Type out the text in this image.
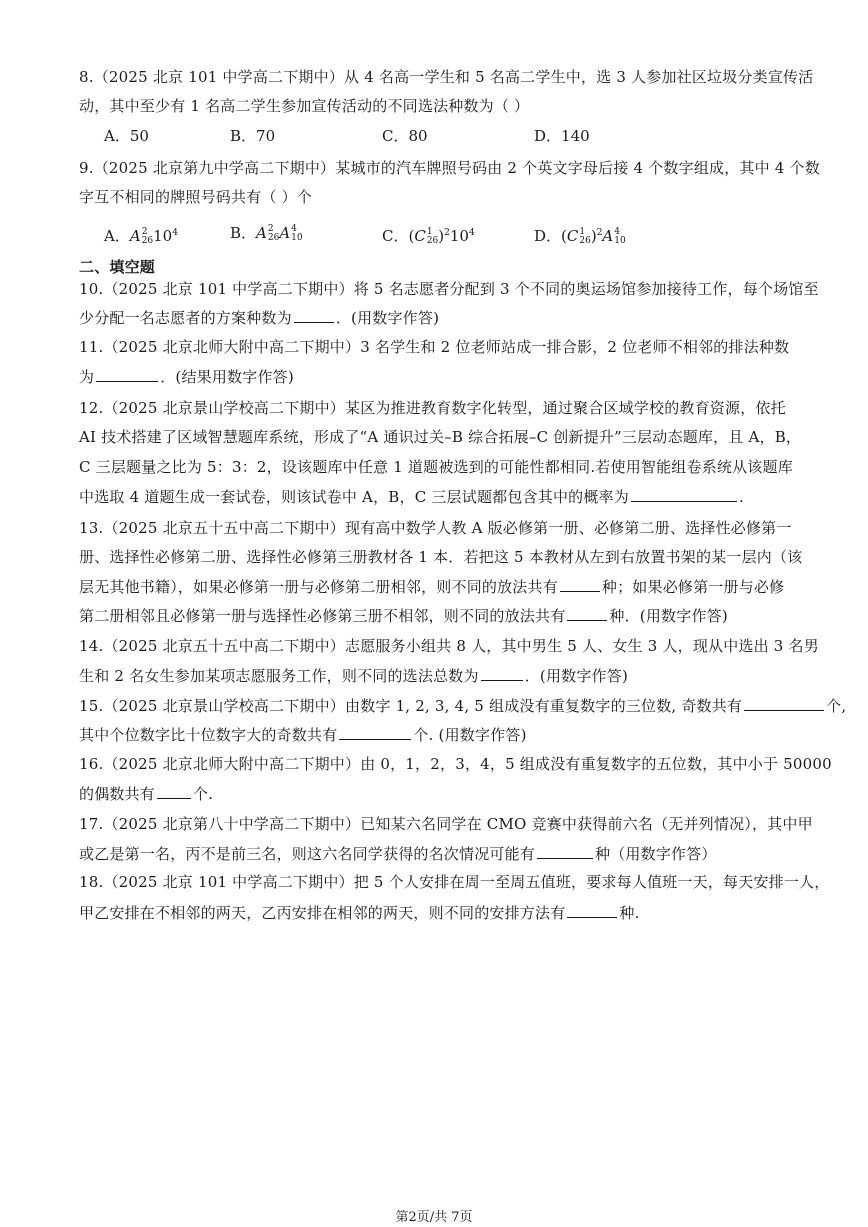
8.（2025 北京 101 中学高二下期中）从 4 名高一学生和 5 名高二学生中，选 3 人参加社区垃圾分类宣传活
动，其中至少有 1 名高二学生参加宣传活动的不同选法种数为（ ）
A．50	B．70	C．80	D．140
9.（2025 北京第九中学高二下期中）某城市的汽车牌照号码由 2 个英文字母后接 4 个数字组成，其中 4 个数
字互不相同的牌照号码共有（ ）个
A．A 2
26 $10^4$	B．A 2
26 A 4
10	C．(C 1
26 )$^210^4$	D．(C 1
26 )$^2$A 4
10
二、填空题
10.（2025 北京 101 中学高二下期中）将 5 名志愿者分配到 3 个不同的奥运场馆参加接待工作，每个场馆至
少分配一名志愿者的方案种数为	．(用数字作答)
11.（2025 北京北师大附中高二下期中）3 名学生和 2 位老师站成一排合影，2 位老师不相邻的排法种数
为	．(结果用数字作答)
12.（2025 北京景山学校高二下期中）某区为推进教育数字化转型，通过聚合区域学校的教育资源，依托
AI 技术搭建了区域智慧题库系统，形成了“A 通识过关–B 综合拓展–C 创新提升”三层动态题库，且 A，B，
C 三层题量之比为 5：3：2，设该题库中任意 1 道题被选到的可能性都相同.若使用智能组卷系统从该题库
中选取 4 道题生成一套试卷，则该试卷中 A，B，C 三层试题都包含其中的概率为	.
13.（2025 北京五十五中高二下期中）现有高中数学人教 A 版必修第一册、必修第二册、选择性必修第一
册、选择性必修第二册、选择性必修第三册教材各 1 本．若把这 5 本教材从左到右放置书架的某一层内（该
层无其他书籍），如果必修第一册与必修第二册相邻，则不同的放法共有	种；如果必修第一册与必修
第二册相邻且必修第一册与选择性必修第三册不相邻，则不同的放法共有	种．(用数字作答)
14.（2025 北京五十五中高二下期中）志愿服务小组共 8 人，其中男生 5 人、女生 3 人，现从中选出 3 名男
生和 2 名女生参加某项志愿服务工作，则不同的选法总数为	．(用数字作答)
15.（2025 北京景山学校高二下期中）由数字 1, 2, 3, 4, 5 组成没有重复数字的三位数, 奇数共有	个,
其中个位数字比十位数字大的奇数共有	个. (用数字作答)
16.（2025 北京北师大附中高二下期中）由 0，1，2，3，4，5 组成没有重复数字的五位数，其中小于 50000
的偶数共有	个.
17.（2025 北京第八十中学高二下期中）已知某六名同学在 CMO 竞赛中获得前六名（无并列情况），其中甲
或乙是第一名，丙不是前三名，则这六名同学获得的名次情况可能有	种（用数字作答）
18.（2025 北京 101 中学高二下期中）把 5 个人安排在周一至周五值班，要求每人值班一天，每天安排一人，
甲乙安排在不相邻的两天，乙丙安排在相邻的两天，则不同的安排方法有	种.
第2页/共 7页
